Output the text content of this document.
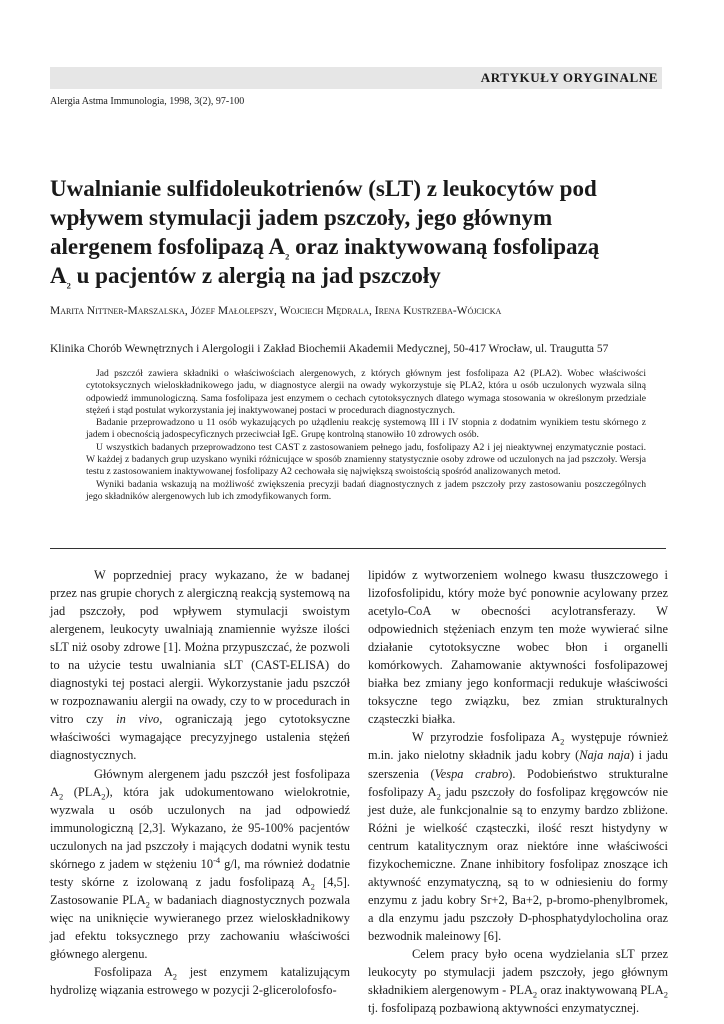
ARTYKUŁY ORYGINALNE
Alergia Astma Immunologia, 1998, 3(2), 97-100
Uwalnianie sulfidoleukotrienów (sLT) z leukocytów pod
wpływem stymulacji jadem pszczoły, jego głównym
alergenem fosfolipazą $A_2$ oraz inaktywowaną fosfolipazą
$A_2$ u pacjentów z alergią na jad pszczoły
Marita Nittner-Marszalska, Józef Małolepszy, Wojciech Mędrala, Irena Kustrzeba-Wójcicka
Klinika Chorób Wewnętrznych i Alergologii i Zakład Biochemii Akademii Medycznej, 50-417 Wrocław, ul. Traugutta 57

Jad pszczół zawiera składniki o właściwościach alergenowych, z których głównym jest fosfolipaza A2 (PLA2). Wobec właściwości cytotoksycznych wieloskładnikowego jadu, w diagnostyce alergii na owady wykorzystuje się PLA2, która u osób uczulonych wyzwala silną odpowiedź immunologiczną. Sama fosfolipaza jest enzymem o cechach cytotoksycznych dlatego wymaga stosowania w określonym przedziale stężeń i stąd postulat wykorzystania jej inaktywowanej postaci w procedurach diagnostycznych.

Badanie przeprowadzono u 11 osób wykazujących po użądleniu reakcję systemową III i IV stopnia z dodatnim wynikiem testu skórnego z jadem i obecnością jadospecyficznych przeciwciał IgE. Grupę kontrolną stanowiło 10 zdrowych osób.

U wszystkich badanych przeprowadzono test CAST z zastosowaniem pełnego jadu, fosfolipazy A2 i jej nieaktywnej enzymatycznie postaci. W każdej z badanych grup uzyskano wyniki różnicujące w sposób znamienny statystycznie osoby zdrowe od uczulonych na jad pszczoły. Wersja testu z zastosowaniem inaktywowanej fosfolipazy A2 cechowała się największą swoistością spośród analizowanych metod.

Wyniki badania wskazują na możliwość zwiększenia precyzji badań diagnostycznych z jadem pszczoły przy zastosowaniu poszczególnych jego składników alergenowych lub ich zmodyfikowanych form.

W poprzedniej pracy wykazano, że w badanej przez nas grupie chorych z alergiczną reakcją systemową na jad pszczoły, pod wpływem stymulacji swoistym alergenem, leukocyty uwalniają znamiennie wyższe ilości sLT niż osoby zdrowe [1]. Można przypuszczać, że pozwoli to na użycie testu uwalniania sLT (CAST-ELISA) do diagnostyki tej postaci alergii. Wykorzystanie jadu pszczół w rozpoznawaniu alergii na owady, czy to w procedurach in vitro czy in vivo, ograniczają jego cytotoksyczne właściwości wymagające precyzyjnego ustalenia stężeń diagnostycznych.

Głównym alergenem jadu pszczół jest fosfolipaza $A_2$ $(PLA_2)$, która jak udokumentowano wielokrotnie, wyzwala u osób uczulonych na jad odpowiedź immunologiczną [2,3]. Wykazano, że 95-100% pacjentów uczulonych na jad pszczoły i mających dodatni wynik testu skórnego z jadem w stężeniu $10^{-4}$ g/l, ma również dodatnie testy skórne z izolowaną z jadu fosfolipazą $A_2$ [4,5]. Zastosowanie $PLA_2$ w badaniach diagnostycznych pozwala więc na uniknięcie wywieranego przez wieloskładnikowy jad efektu toksycznego przy zachowaniu właściwości głównego alergenu.

Fosfolipaza $A_2$ jest enzymem katalizującym hydrolizę wiązania estrowego w pozycji 2-glicerolofosfo-

lipidów z wytworzeniem wolnego kwasu tłuszczowego i lizofosfolipidu, który może być ponownie acylowany przez acetylo-CoA w obecności acylotransferazy. W odpowiednich stężeniach enzym ten może wywierać silne działanie cytotoksyczne wobec błon i organelli komórkowych. Zahamowanie aktywności fosfolipazowej białka bez zmiany jego konformacji redukuje właściwości toksyczne tego związku, bez zmian strukturalnych cząsteczki białka.

W przyrodzie fosfolipaza $A_2$ występuje również m.in. jako nielotny składnik jadu kobry (Naja naja) i jadu szerszenia (Vespa crabro). Podobieństwo strukturalne fosfolipazy $A_2$ jadu pszczoły do fosfolipaz kręgowców nie jest duże, ale funkcjonalnie są to enzymy bardzo zbliżone. Różni je wielkość cząsteczki, ilość reszt histydyny w centrum katalitycznym oraz niektóre inne właściwości fizykochemiczne. Znane inhibitory fosfolipaz znoszące ich aktywność enzymatyczną, są to w odniesieniu do formy enzymu z jadu kobry Sr+2, Ba+2, p-bromo-phenylbromek, a dla enzymu jadu pszczoły D-phosphatydylocholina oraz bezwodnik maleinowy [6].

Celem pracy było ocena wydzielania sLT przez leukocyty po stymulacji jadem pszczoły, jego głównym składnikiem alergenowym - $PLA_2$ oraz inaktywowaną $PLA_2$ tj. fosfolipazą pozbawioną aktywności enzymatycznej.
